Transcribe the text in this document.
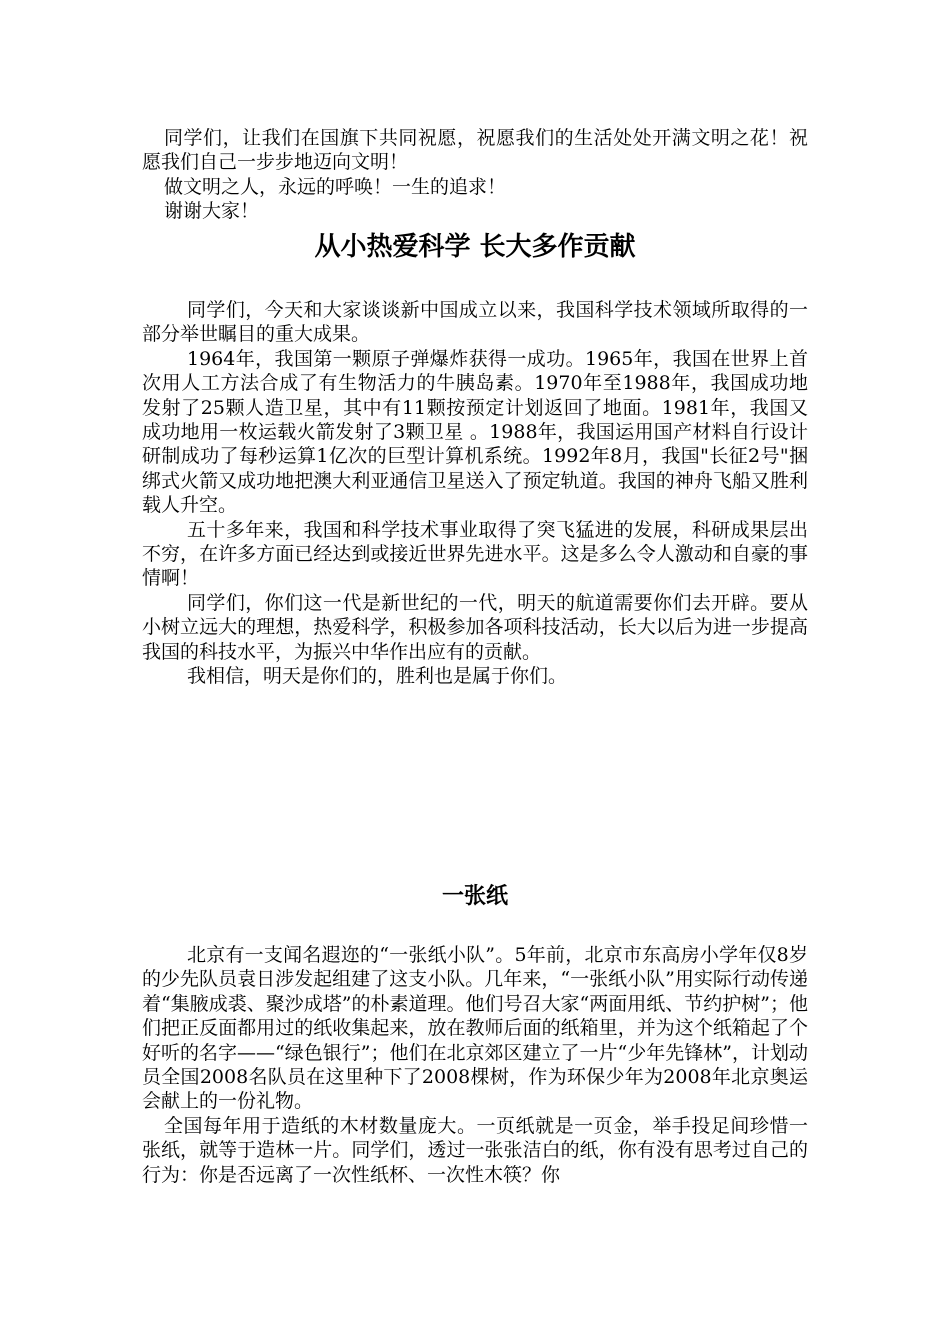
同学们，让我们在国旗下共同祝愿，祝愿我们的生活处处开满文明之花！祝愿我们自己一步步地迈向文明！

做文明之人，永远的呼唤！一生的追求！

谢谢大家！

从小热爱科学 长大多作贡献

同学们，今天和大家谈谈新中国成立以来，我国科学技术领域所取得的一部分举世瞩目的重大成果。

1964年，我国第一颗原子弹爆炸获得一成功。1965年，我国在世界上首次用人工方法合成了有生物活力的牛胰岛素。1970年至1988年，我国成功地发射了25颗人造卫星，其中有11颗按预定计划返回了地面。1981年，我国又成功地用一枚运载火箭发射了3颗卫星 。1988年，我国运用国产材料自行设计研制成功了每秒运算1亿次的巨型计算机系统。1992年8月，我国"长征2号"捆绑式火箭又成功地把澳大利亚通信卫星送入了预定轨道。我国的神舟飞船又胜利载人升空。

五十多年来，我国和科学技术事业取得了突飞猛进的发展，科研成果层出不穷，在许多方面已经达到或接近世界先进水平。这是多么令人激动和自豪的事情啊！

同学们，你们这一代是新世纪的一代，明天的航道需要你们去开辟。要从小树立远大的理想，热爱科学，积极参加各项科技活动，长大以后为进一步提高我国的科技水平，为振兴中华作出应有的贡献。

我相信，明天是你们的，胜利也是属于你们。

一张纸

北京有一支闻名遐迩的“一张纸小队”。5年前，北京市东高房小学年仅8岁的少先队员袁日涉发起组建了这支小队。几年来，“一张纸小队”用实际行动传递着“集腋成裘、聚沙成塔”的朴素道理。他们号召大家“两面用纸、节约护树”；他们把正反面都用过的纸收集起来，放在教师后面的纸箱里，并为这个纸箱起了个好听的名字——“绿色银行”；他们在北京郊区建立了一片“少年先锋林”，计划动员全国2008名队员在这里种下了2008棵树，作为环保少年为2008年北京奥运会献上的一份礼物。

全国每年用于造纸的木材数量庞大。一页纸就是一页金，举手投足间珍惜一张纸，就等于造林一片。同学们，透过一张张洁白的纸，你有没有思考过自己的行为：你是否远离了一次性纸杯、一次性木筷？你
